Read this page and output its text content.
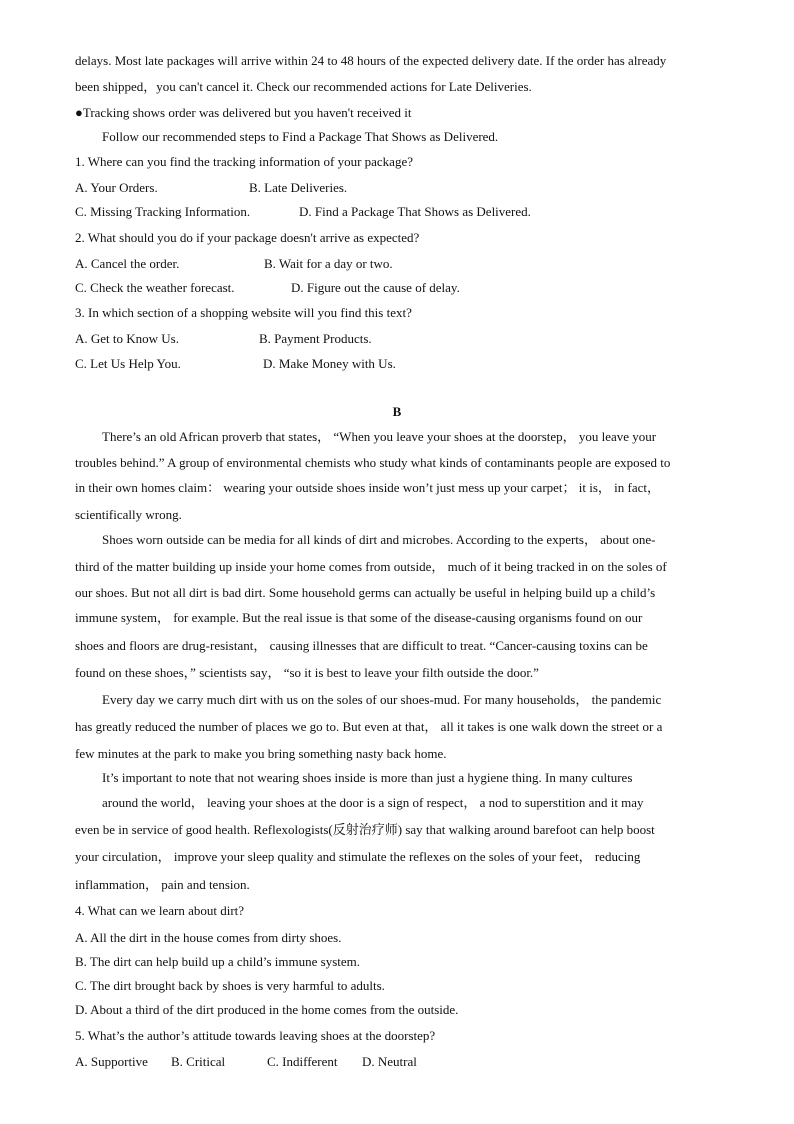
delays. Most late packages will arrive within 24 to 48 hours of the expected delivery date. If the order has already
been shipped，you can't cancel it. Check our recommended actions for Late Deliveries.
●Tracking shows order was delivered but you haven't received it
Follow our recommended steps to Find a Package That Shows as Delivered.
1. Where can you find the tracking information of your package?
A. Your Orders.	B. Late Deliveries.
C. Missing Tracking Information.	D. Find a Package That Shows as Delivered.
2. What should you do if your package doesn't arrive as expected?
A. Cancel the order.	B. Wait for a day or two.
C. Check the weather forecast.	D. Figure out the cause of delay.
3. In which section of a shopping website will you find this text?
A. Get to Know Us.	B. Payment Products.
C. Let Us Help You.	D. Make Money with Us.
B
There’s an old African proverb that states， “When you leave your shoes at the doorstep， you leave your
troubles behind.” A group of environmental chemists who study what kinds of contaminants people are exposed to
in their own homes claim： wearing your outside shoes inside won’t just mess up your carpet； it is， in fact，
scientifically wrong.
Shoes worn outside can be media for all kinds of dirt and microbes. According to the experts， about one-
third of the matter building up inside your home comes from outside， much of it being tracked in on the soles of
our shoes. But not all dirt is bad dirt. Some household germs can actually be useful in helping build up a child’s
immune system， for example. But the real issue is that some of the disease-causing organisms found on our
shoes and floors are drug-resistant， causing illnesses that are difficult to treat. “Cancer-causing toxins can be
found on these shoes，” scientists say， “so it is best to leave your filth outside the door.”
Every day we carry much dirt with us on the soles of our shoes-mud. For many households， the pandemic
has greatly reduced the number of places we go to. But even at that， all it takes is one walk down the street or a
few minutes at the park to make you bring something nasty back home.
It’s important to note that not wearing shoes inside is more than just a hygiene thing. In many cultures
around the world， leaving your shoes at the door is a sign of respect， a nod to superstition and it may
even be in service of good health. Reflexologists(反射治疗师) say that walking around barefoot can help boost
your circulation， improve your sleep quality and stimulate the reflexes on the soles of your feet， reducing
inflammation， pain and tension.
4. What can we learn about dirt?
A. All the dirt in the house comes from dirty shoes.
B. The dirt can help build up a child’s immune system.
C. The dirt brought back by shoes is very harmful to adults.
D. About a third of the dirt produced in the home comes from the outside.
5. What’s the author’s attitude towards leaving shoes at the doorstep?
A. Supportive B. Critical	C. Indifferent D. Neutral
